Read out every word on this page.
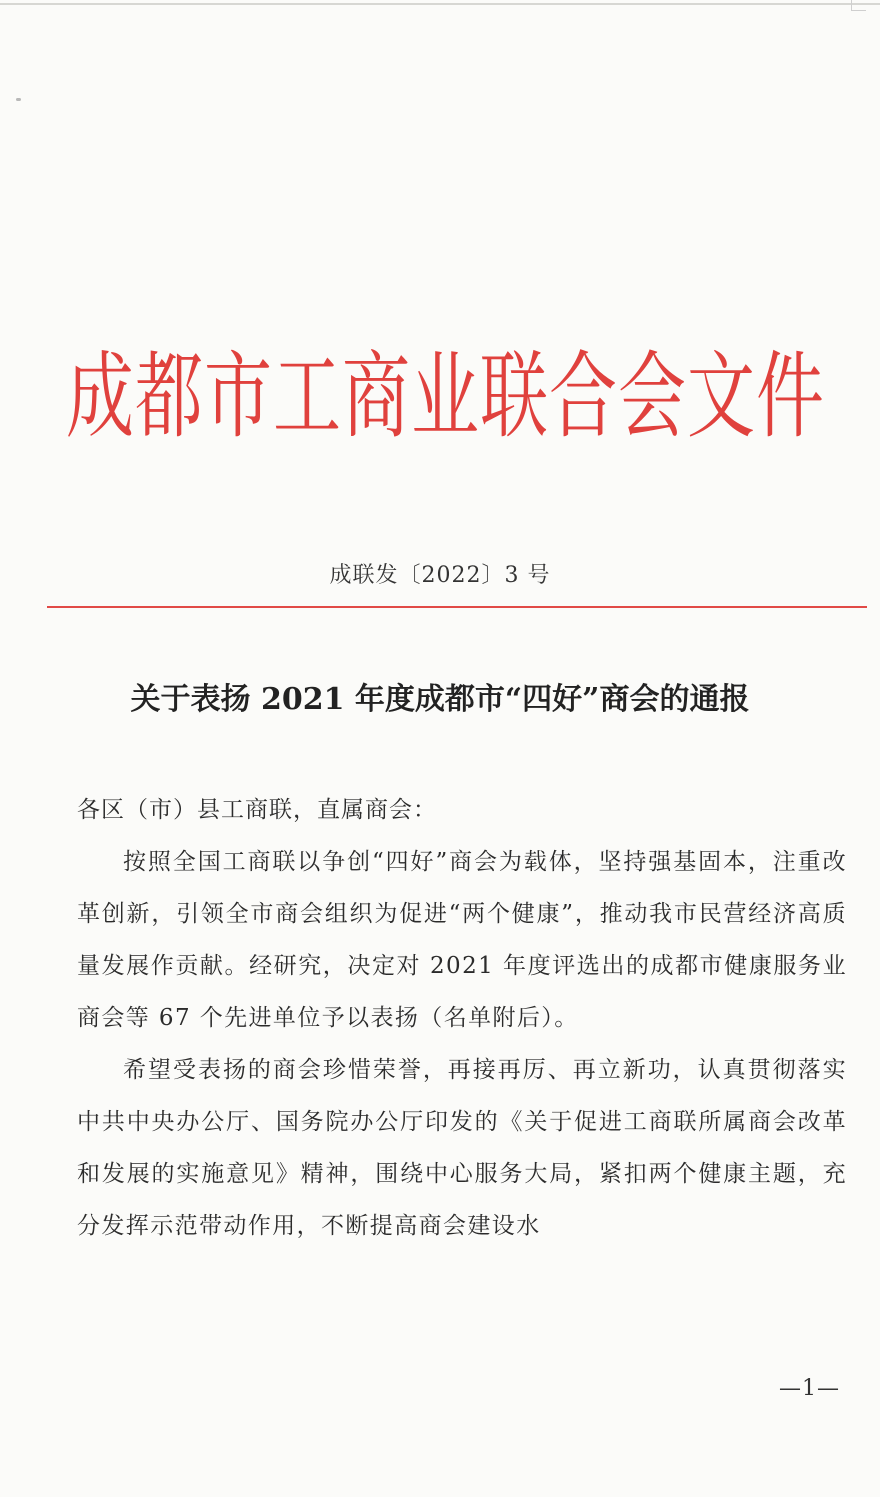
成都市工商业联合会文件
成联发〔2022〕3 号
关于表扬 2021 年度成都市“四好”商会的通报

各区（市）县工商联，直属商会：

按照全国工商联以争创“四好”商会为载体，坚持强基固本，注重改革创新，引领全市商会组织为促进“两个健康”，推动我市民营经济高质量发展作贡献。经研究，决定对 2021 年度评选出的成都市健康服务业商会等 67 个先进单位予以表扬（名单附后）。

希望受表扬的商会珍惜荣誉，再接再厉、再立新功，认真贯彻落实中共中央办公厅、国务院办公厅印发的《关于促进工商联所属商会改革和发展的实施意见》精神，围绕中心服务大局，紧扣两个健康主题，充分发挥示范带动作用，不断提高商会建设水

—1—
